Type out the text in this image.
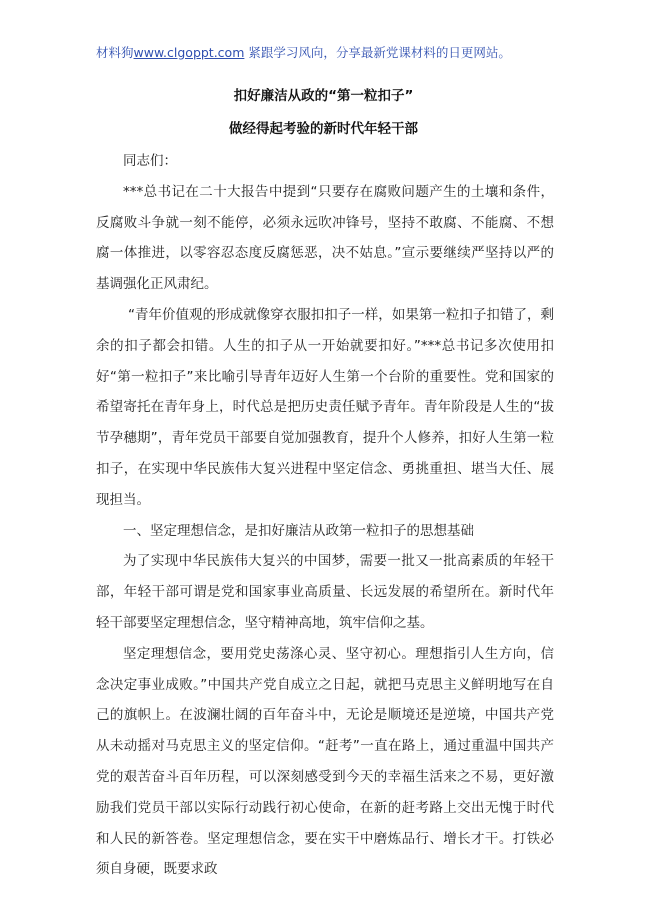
材料狗www.clgoppt.com 紧跟学习风向，分享最新党课材料的日更网站。
扣好廉洁从政的“第一粒扣子”
做经得起考验的新时代年轻干部

同志们：

***总书记在二十大报告中提到“只要存在腐败问题产生的土壤和条件，反腐败斗争就一刻不能停，必须永远吹冲锋号，坚持不敢腐、不能腐、不想腐一体推进，以零容忍态度反腐惩恶，决不姑息。”宣示要继续严坚持以严的基调强化正风肃纪。

“青年价值观的形成就像穿衣服扣扣子一样，如果第一粒扣子扣错了，剩余的扣子都会扣错。人生的扣子从一开始就要扣好。”***总书记多次使用扣好“第一粒扣子”来比喻引导青年迈好人生第一个台阶的重要性。党和国家的希望寄托在青年身上，时代总是把历史责任赋予青年。青年阶段是人生的“拔节孕穗期”，青年党员干部要自觉加强教育，提升个人修养，扣好人生第一粒扣子，在实现中华民族伟大复兴进程中坚定信念、勇挑重担、堪当大任、展现担当。

一、坚定理想信念，是扣好廉洁从政第一粒扣子的思想基础

为了实现中华民族伟大复兴的中国梦，需要一批又一批高素质的年轻干部，年轻干部可谓是党和国家事业高质量、长远发展的希望所在。新时代年轻干部要坚定理想信念，坚守精神高地，筑牢信仰之基。

坚定理想信念，要用党史荡涤心灵、坚守初心。理想指引人生方向，信念决定事业成败。”中国共产党自成立之日起，就把马克思主义鲜明地写在自己的旗帜上。在波澜壮阔的百年奋斗中，无论是顺境还是逆境，中国共产党从未动摇对马克思主义的坚定信仰。“赶考”一直在路上，通过重温中国共产党的艰苦奋斗百年历程，可以深刻感受到今天的幸福生活来之不易，更好激励我们党员干部以实际行动践行初心使命，在新的赶考路上交出无愧于时代和人民的新答卷。坚定理想信念，要在实干中磨炼品行、增长才干。打铁必须自身硬，既要求政
